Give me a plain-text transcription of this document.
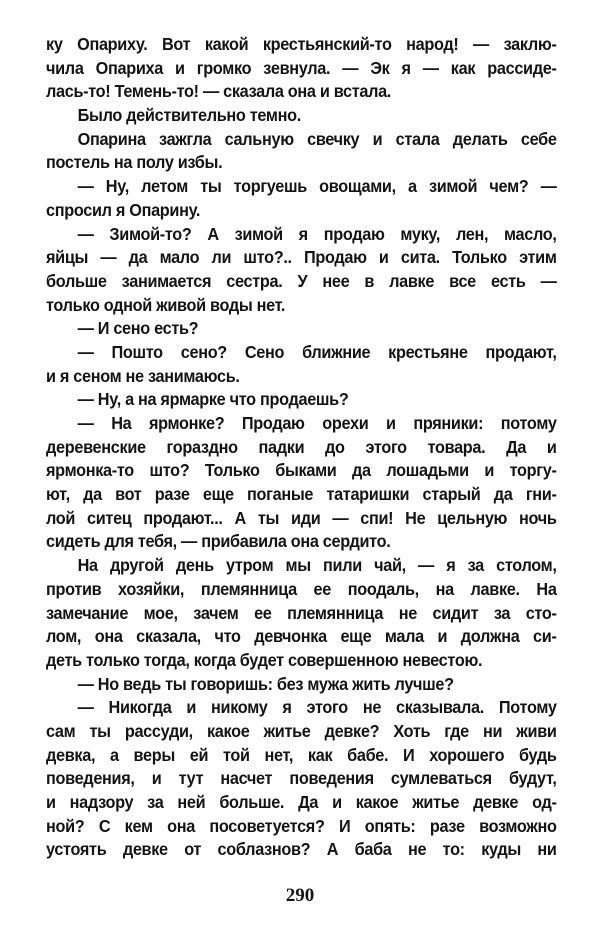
ку Опариху. Вот какой крестьянский-то народ! — заклю-
чила Опариха и громко зевнула. — Эк я — как рассиде-
лась-то! Темень-то! — сказала она и встала.
Было действительно темно.
Опарина зажгла сальную свечку и стала делать себе
постель на полу избы.
— Ну, летом ты торгуешь овощами, а зимой чем? —
спросил я Опарину.
— Зимой-то? А зимой я продаю муку, лен, масло,
яйцы — да мало ли што?.. Продаю и сита. Только этим
больше занимается сестра. У нее в лавке все есть —
только одной живой воды нет.
— И сено есть?
— Пошто сено? Сено ближние крестьяне продают,
и я сеном не занимаюсь.
— Ну, а на ярмарке что продаешь?
— На ярмонке? Продаю орехи и пряники: потому
деревенские гораздно падки до этого товара. Да и
ярмонка-то што? Только быками да лошадьми и торгу-
ют, да вот разе еще поганые татаришки старый да гни-
лой ситец продают... А ты иди — спи! Не цельную ночь
сидеть для тебя, — прибавила она сердито.
На другой день утром мы пили чай, — я за столом,
против хозяйки, племянница ее поодаль, на лавке. На
замечание мое, зачем ее племянница не сидит за сто-
лом, она сказала, что девчонка еще мала и должна си-
деть только тогда, когда будет совершенною невестою.
— Но ведь ты говоришь: без мужа жить лучше?
— Никогда и никому я этого не сказывала. Потому
сам ты рассуди, какое житье девке? Хоть где ни живи
девка, а веры ей той нет, как бабе. И хорошего будь
поведения, и тут насчет поведения сумлеваться будут,
и надзору за ней больше. Да и какое житье девке од-
ной? С кем она посоветуется? И опять: разе возможно
устоять девке от соблазнов? А баба не то: куды ни
290
